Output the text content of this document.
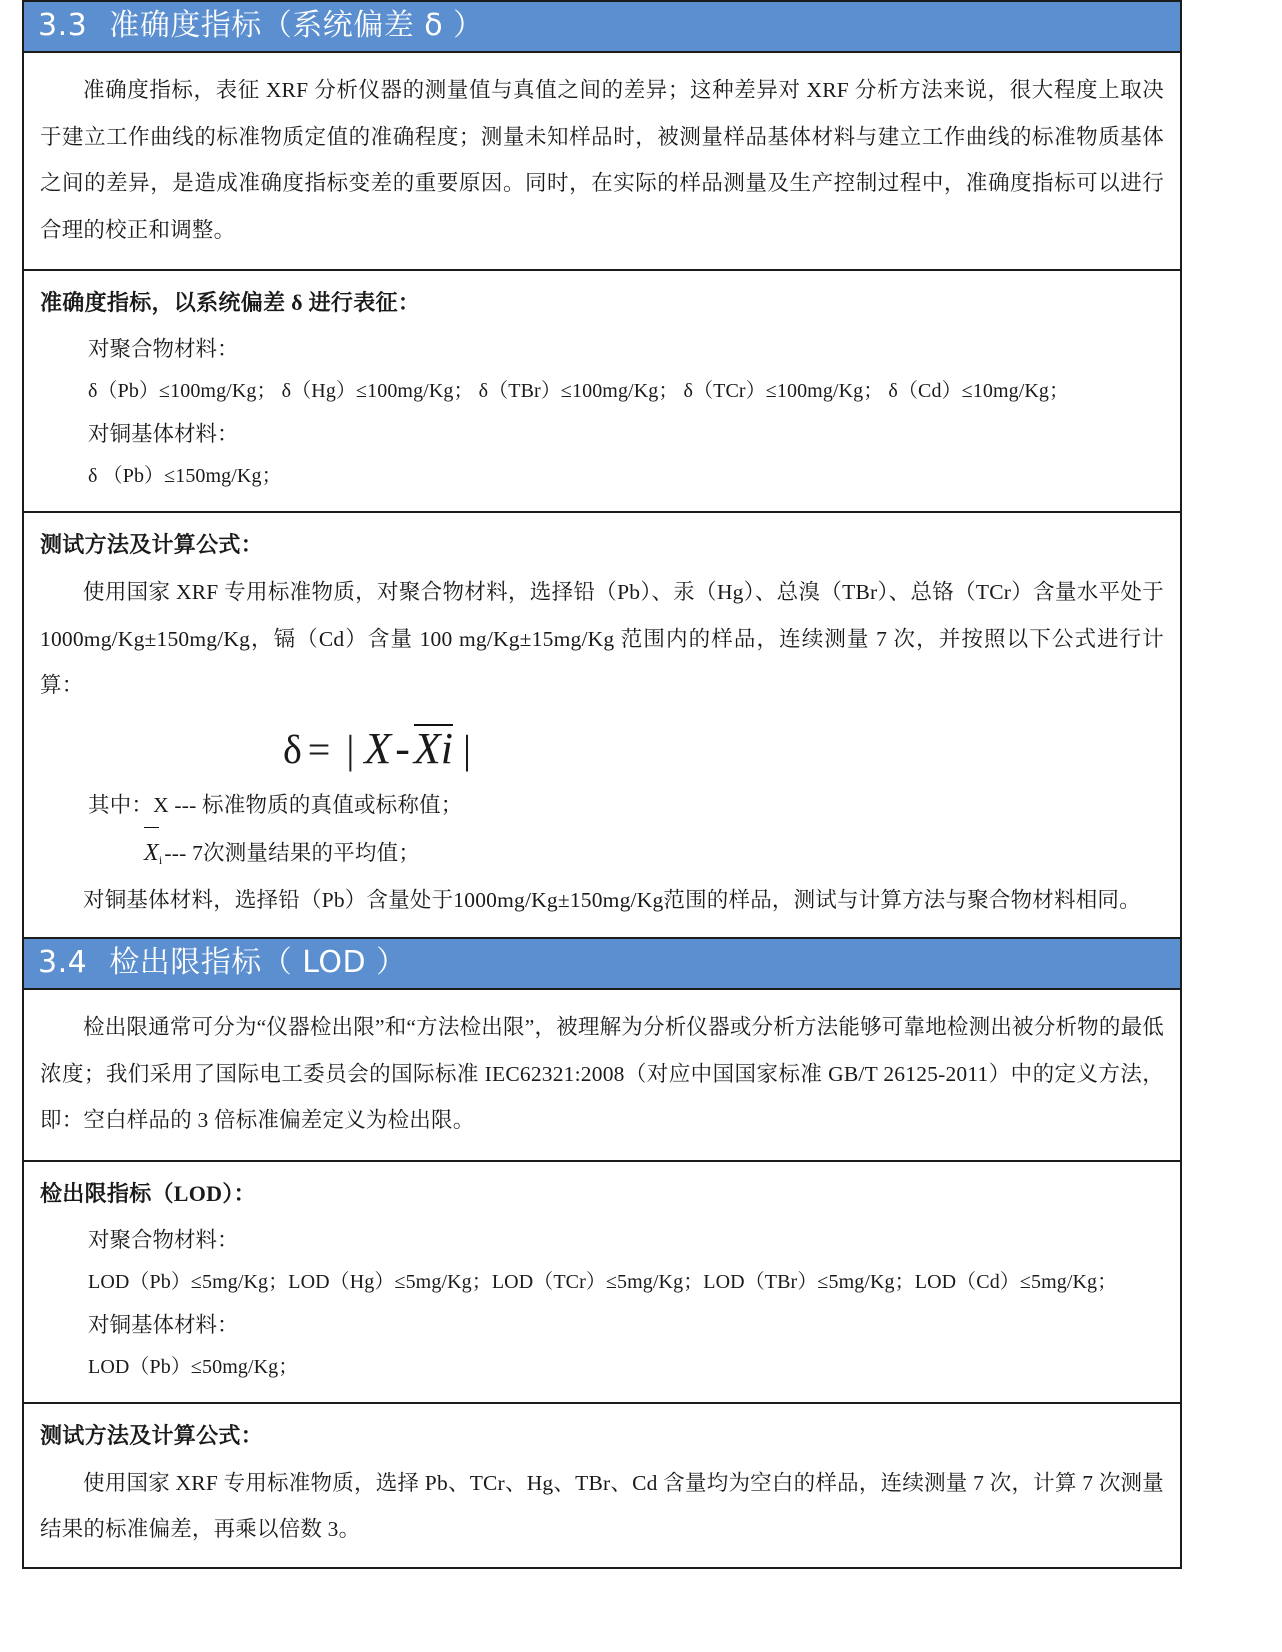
3.3 准确度指标（系统偏差 δ ）

准确度指标，表征 XRF 分析仪器的测量值与真值之间的差异；这种差异对 XRF 分析方法来说，很大程度上取决于建立工作曲线的标准物质定值的准确程度；测量未知样品时，被测量样品基体材料与建立工作曲线的标准物质基体之间的差异，是造成准确度指标变差的重要原因。同时，在实际的样品测量及生产控制过程中，准确度指标可以进行合理的校正和调整。

准确度指标，以系统偏差 δ 进行表征：
对聚合物材料：
δ（Pb）≤100mg/Kg； δ（Hg）≤100mg/Kg； δ（TBr）≤100mg/Kg； δ（TCr）≤100mg/Kg； δ（Cd）≤10mg/Kg；
对铜基体材料：
δ （Pb）≤150mg/Kg；

测试方法及计算公式：

使用国家 XRF 专用标准物质，对聚合物材料，选择铅（Pb）、汞（Hg）、总溴（TBr）、总铬（TCr）含量水平处于 1000mg/Kg±150mg/Kg，镉（Cd）含量 100 mg/Kg±15mg/Kg 范围内的样品，连续测量 7 次，并按照以下公式进行计算：

δ = | X-Xi |
其中：X --- 标准物质的真值或标称值；
$X_i---$ 7次测量结果的平均值；

对铜基体材料，选择铅（Pb）含量处于1000mg/Kg±150mg/Kg范围的样品，测试与计算方法与聚合物材料相同。

3.4 检出限指标（ LOD ）

检出限通常可分为“仪器检出限”和“方法检出限”，被理解为分析仪器或分析方法能够可靠地检测出被分析物的最低浓度；我们采用了国际电工委员会的国际标准 IEC62321:2008（对应中国国家标准 GB/T 26125-2011）中的定义方法，即：空白样品的 3 倍标准偏差定义为检出限。

检出限指标（LOD）：
对聚合物材料：
LOD（Pb）≤5mg/Kg；LOD（Hg）≤5mg/Kg；LOD（TCr）≤5mg/Kg；LOD（TBr）≤5mg/Kg；LOD（Cd）≤5mg/Kg；
对铜基体材料：
LOD（Pb）≤50mg/Kg；

测试方法及计算公式：

使用国家 XRF 专用标准物质，选择 Pb、TCr、Hg、TBr、Cd 含量均为空白的样品，连续测量 7 次，计算 7 次测量结果的标准偏差，再乘以倍数 3。
